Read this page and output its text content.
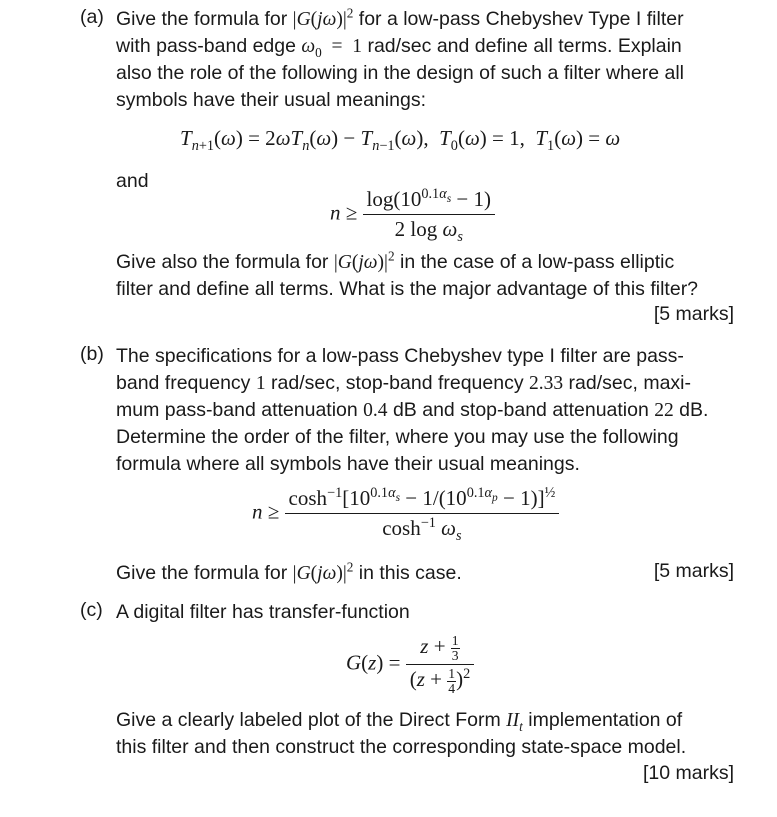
(a) Give the formula for $|G(j\omega)|^2$ for a low-pass Chebyshev Type I filter
with pass-band edge $\omega_0 = 1$ rad/sec and define all terms. Explain
also the role of the following in the design of such a filter where all
symbols have their usual meanings:
$T_{n+1}(\omega) = 2\omega T_n(\omega) - T_{n-1}(\omega)$,  $T_0(\omega) = 1$,  $T_1(\omega) = \omega$
and
$n \ge \frac{\log(10^{0.1\alpha_s} - 1)}{2 \log \omega_s}$
Give also the formula for $|G(j\omega)|^2$ in the case of a low-pass elliptic
filter and define all terms. What is the major advantage of this filter?
[5 marks]
(b) The specifications for a low-pass Chebyshev type I filter are pass-
band frequency 1 rad/sec, stop-band frequency 2.33 rad/sec, maxi-
mum pass-band attenuation 0.4 dB and stop-band attenuation 22 dB.
Determine the order of the filter, where you may use the following
formula where all symbols have their usual meanings.
$n \ge \frac{\cosh^{-1}[10^{0.1\alpha_s} - 1/(10^{0.1\alpha_p} - 1)]^{\frac{1}{2}}}{\cosh^{-1} \omega_s}$
Give the formula for $|G(j\omega)|^2$ in this case.	[5 marks]
(c) A digital filter has transfer-function
$G(z) = \frac{z + \frac{1}{3}}{(z + \frac{1}{4} )^2}$
Give a clearly labeled plot of the Direct Form $II_t$ implementation of
this filter and then construct the corresponding state-space model.
[10 marks]
